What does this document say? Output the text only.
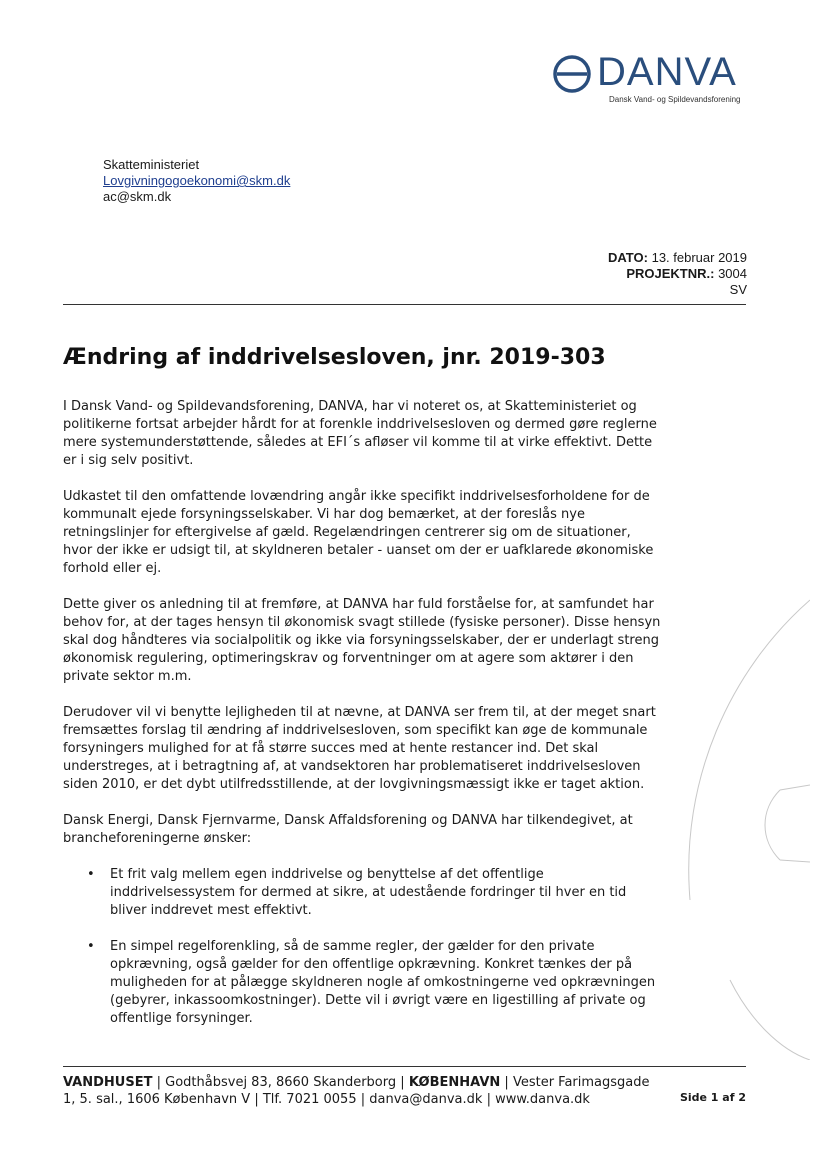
DANVA
Dansk Vand- og Spildevandsforening
Skatteministeriet
Lovgivningogoekonomi@skm.dk
ac@skm.dk
DATO: 13. februar 2019
PROJEKTNR.: 3004
SV
Ændring af inddrivelsesloven, jnr. 2019-303

I Dansk Vand- og Spildevandsforening, DANVA, har vi noteret os, at Skatteministeriet og politikerne fortsat arbejder hårdt for at forenkle inddrivelsesloven og dermed gøre reglerne mere systemunderstøttende, således at EFI´s afløser vil komme til at virke effektivt. Dette er i sig selv positivt.

Udkastet til den omfattende lovændring angår ikke specifikt inddrivelsesforholdene for de kommunalt ejede forsyningsselskaber. Vi har dog bemærket, at der foreslås nye retningslinjer for eftergivelse af gæld. Regelændringen centrerer sig om de situationer, hvor der ikke er udsigt til, at skyldneren betaler - uanset om der er uafklarede økonomiske forhold eller ej.

Dette giver os anledning til at fremføre, at DANVA har fuld forståelse for, at samfundet har behov for, at der tages hensyn til økonomisk svagt stillede (fysiske personer). Disse hensyn skal dog håndteres via socialpolitik og ikke via forsyningsselskaber, der er underlagt streng økonomisk regulering, optimeringskrav og forventninger om at agere som aktører i den private sektor m.m.

Derudover vil vi benytte lejligheden til at nævne, at DANVA ser frem til, at der meget snart fremsættes forslag til ændring af inddrivelsesloven, som specifikt kan øge de kommunale forsyningers mulighed for at få større succes med at hente restancer ind. Det skal understreges, at i betragtning af, at vandsektoren har problematiseret inddrivelsesloven siden 2010, er det dybt utilfredsstillende, at der lovgivningsmæssigt ikke er taget aktion.

Dansk Energi, Dansk Fjernvarme, Dansk Affaldsforening og DANVA har tilkendegivet, at brancheforeningerne ønsker:

• Et frit valg mellem egen inddrivelse og benyttelse af det offentlige inddrivelsessystem for dermed at sikre, at udestående fordringer til hver en tid bliver inddrevet mest effektivt.
• En simpel regelforenkling, så de samme regler, der gælder for den private opkrævning, også gælder for den offentlige opkrævning. Konkret tænkes der på muligheden for at pålægge skyldneren nogle af omkostningerne ved opkrævningen (gebyrer, inkassoomkostninger). Dette vil i øvrigt være en ligestilling af private og offentlige forsyninger.
VANDHUSET | Godthåbsvej 83, 8660 Skanderborg | KØBENHAVN | Vester Farimagsgade
1, 5. sal., 1606 København V | Tlf. 7021 0055 | danva@danva.dk | www.danva.dk	Side 1 af 2
